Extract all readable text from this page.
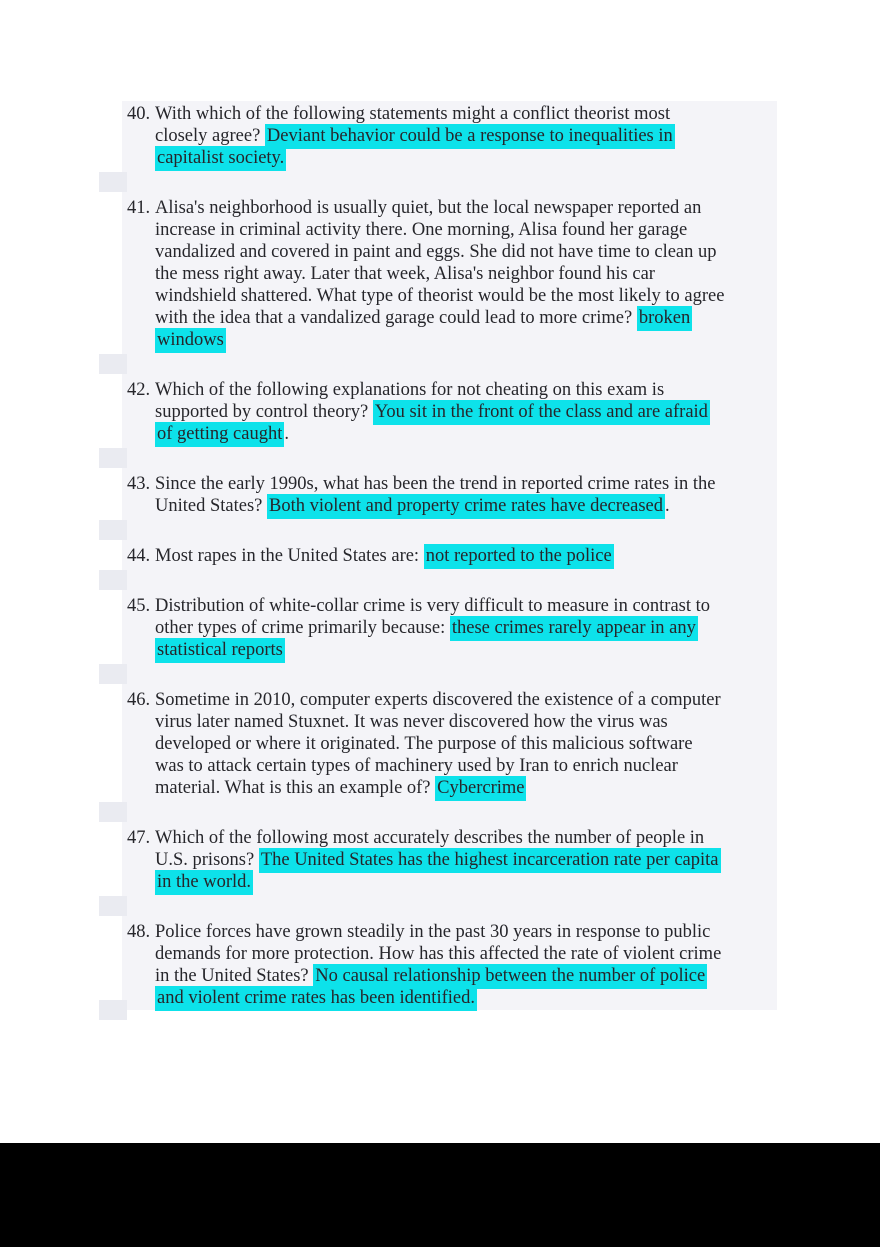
40. With which of the following statements might a conflict theorist most
closely agree? Deviant behavior could be a response to inequalities in
capitalist society.
41. Alisa's neighborhood is usually quiet, but the local newspaper reported an
increase in criminal activity there. One morning, Alisa found her garage
vandalized and covered in paint and eggs. She did not have time to clean up
the mess right away. Later that week, Alisa's neighbor found his car
windshield shattered. What type of theorist would be the most likely to agree
with the idea that a vandalized garage could lead to more crime? broken
windows
42. Which of the following explanations for not cheating on this exam is
supported by control theory? You sit in the front of the class and are afraid
of getting caught .
43. Since the early 1990s, what has been the trend in reported crime rates in the
United States? Both violent and property crime rates have decreased .
44. Most rapes in the United States are: not reported to the police
45. Distribution of white-collar crime is very difficult to measure in contrast to
other types of crime primarily because: these crimes rarely appear in any
statistical reports
46. Sometime in 2010, computer experts discovered the existence of a computer
virus later named Stuxnet. It was never discovered how the virus was
developed or where it originated. The purpose of this malicious software
was to attack certain types of machinery used by Iran to enrich nuclear
material. What is this an example of? Cybercrime
47. Which of the following most accurately describes the number of people in
U.S. prisons? The United States has the highest incarceration rate per capita
in the world.
48. Police forces have grown steadily in the past 30 years in response to public
demands for more protection. How has this affected the rate of violent crime
in the United States? No causal relationship between the number of police
and violent crime rates has been identified.
